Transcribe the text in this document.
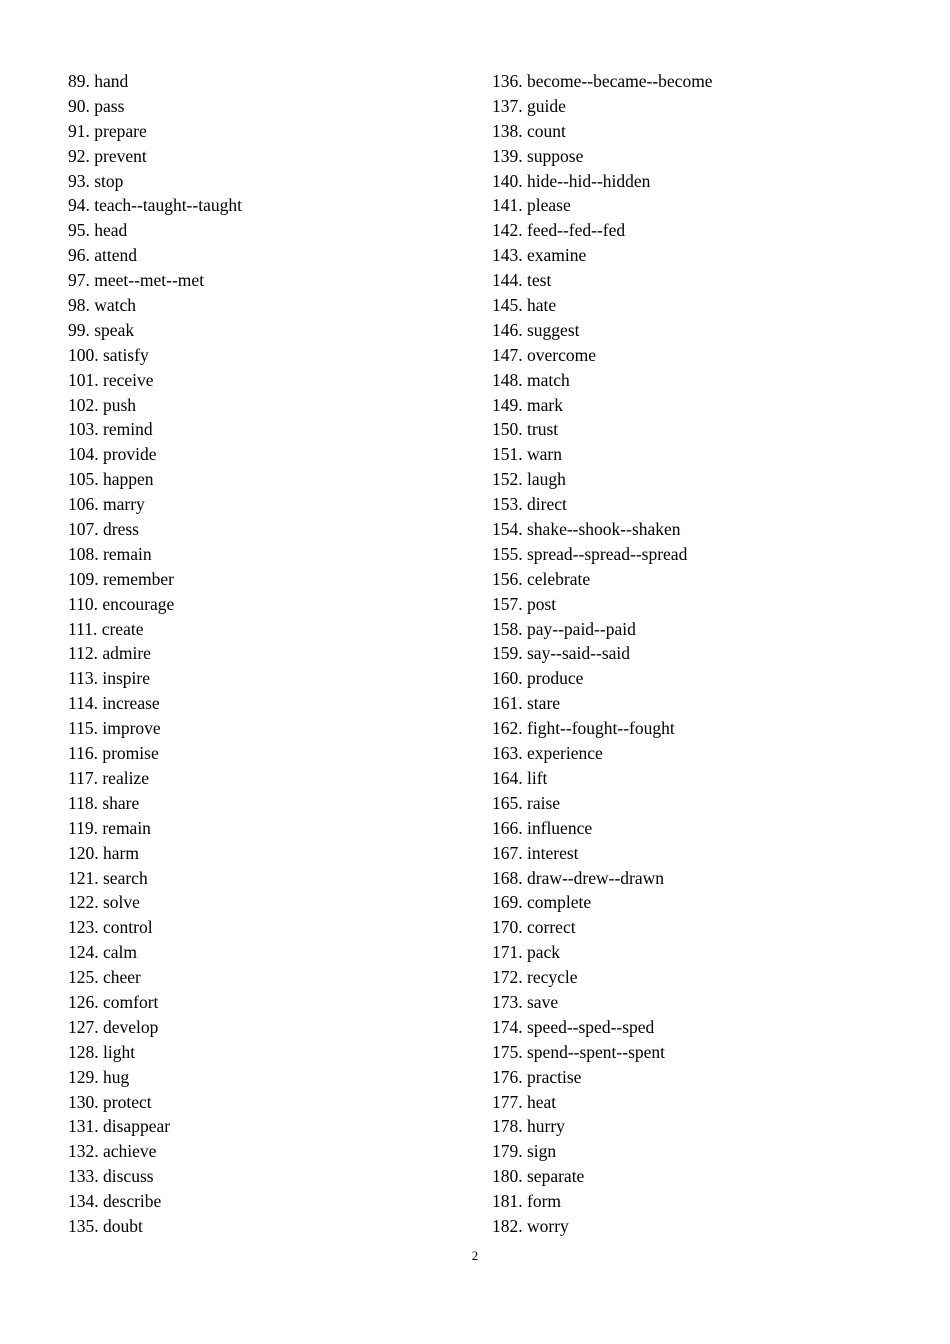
89. hand
90. pass
91. prepare
92. prevent
93. stop
94. teach--taught--taught
95. head
96. attend
97. meet--met--met
98. watch
99. speak
100. satisfy
101. receive
102. push
103. remind
104. provide
105. happen
106. marry
107. dress
108. remain
109. remember
110. encourage
111. create
112. admire
113. inspire
114. increase
115. improve
116. promise
117. realize
118. share
119. remain
120. harm
121. search
122. solve
123. control
124. calm
125. cheer
126. comfort
127. develop
128. light
129. hug
130. protect
131. disappear
132. achieve
133. discuss
134. describe
135. doubt
136. become--became--become
137. guide
138. count
139. suppose
140. hide--hid--hidden
141. please
142. feed--fed--fed
143. examine
144. test
145. hate
146. suggest
147. overcome
148. match
149. mark
150. trust
151. warn
152. laugh
153. direct
154. shake--shook--shaken
155. spread--spread--spread
156. celebrate
157. post
158. pay--paid--paid
159. say--said--said
160. produce
161. stare
162. fight--fought--fought
163. experience
164. lift
165. raise
166. influence
167. interest
168. draw--drew--drawn
169. complete
170. correct
171. pack
172. recycle
173. save
174. speed--sped--sped
175. spend--spent--spent
176. practise
177. heat
178. hurry
179. sign
180. separate
181. form
182. worry
2
